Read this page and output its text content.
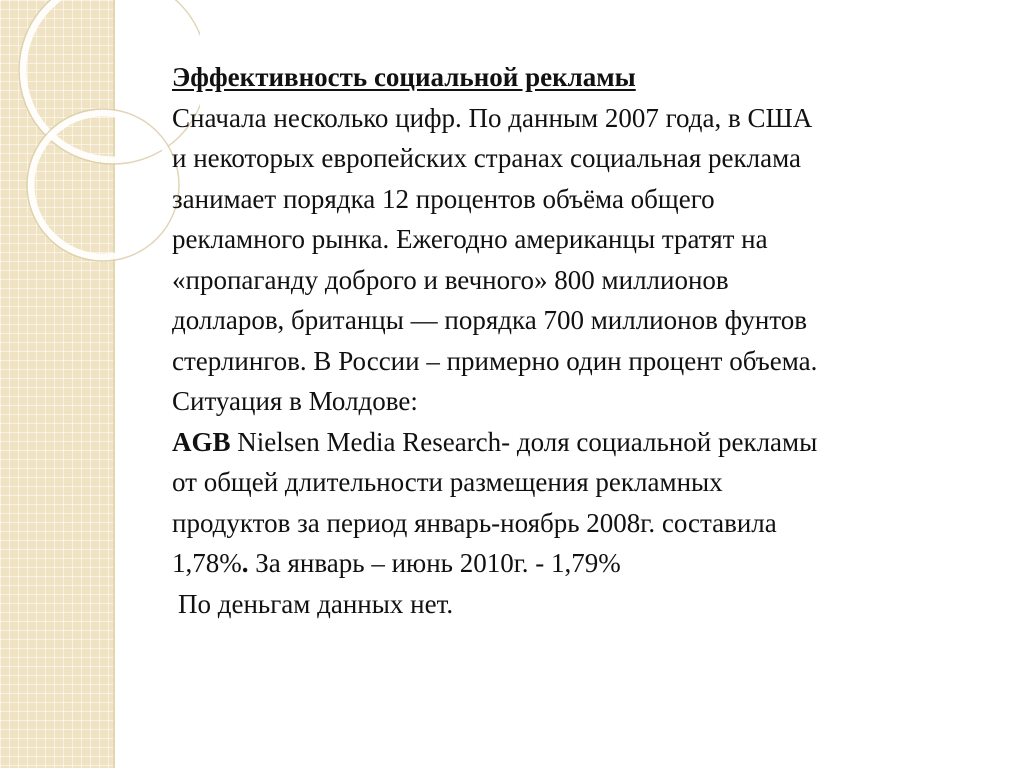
Эффективность социальной рекламы
Сначала несколько цифр. По данным 2007 года, в США
и некоторых европейских странах социальная реклама
занимает порядка 12 процентов объёма общего
рекламного рынка. Ежегодно американцы тратят на
«пропаганду доброго и вечного» 800 миллионов
долларов, британцы — порядка 700 миллионов фунтов
стерлингов. В России – примерно один процент объема.
Ситуация в Молдове:
AGB Nielsen Media Research- доля социальной рекламы
от общей длительности размещения рекламных
продуктов за период январь-ноябрь 2008г. составила
1,78%. За январь – июнь 2010г. - 1,79%
По деньгам данных нет.
